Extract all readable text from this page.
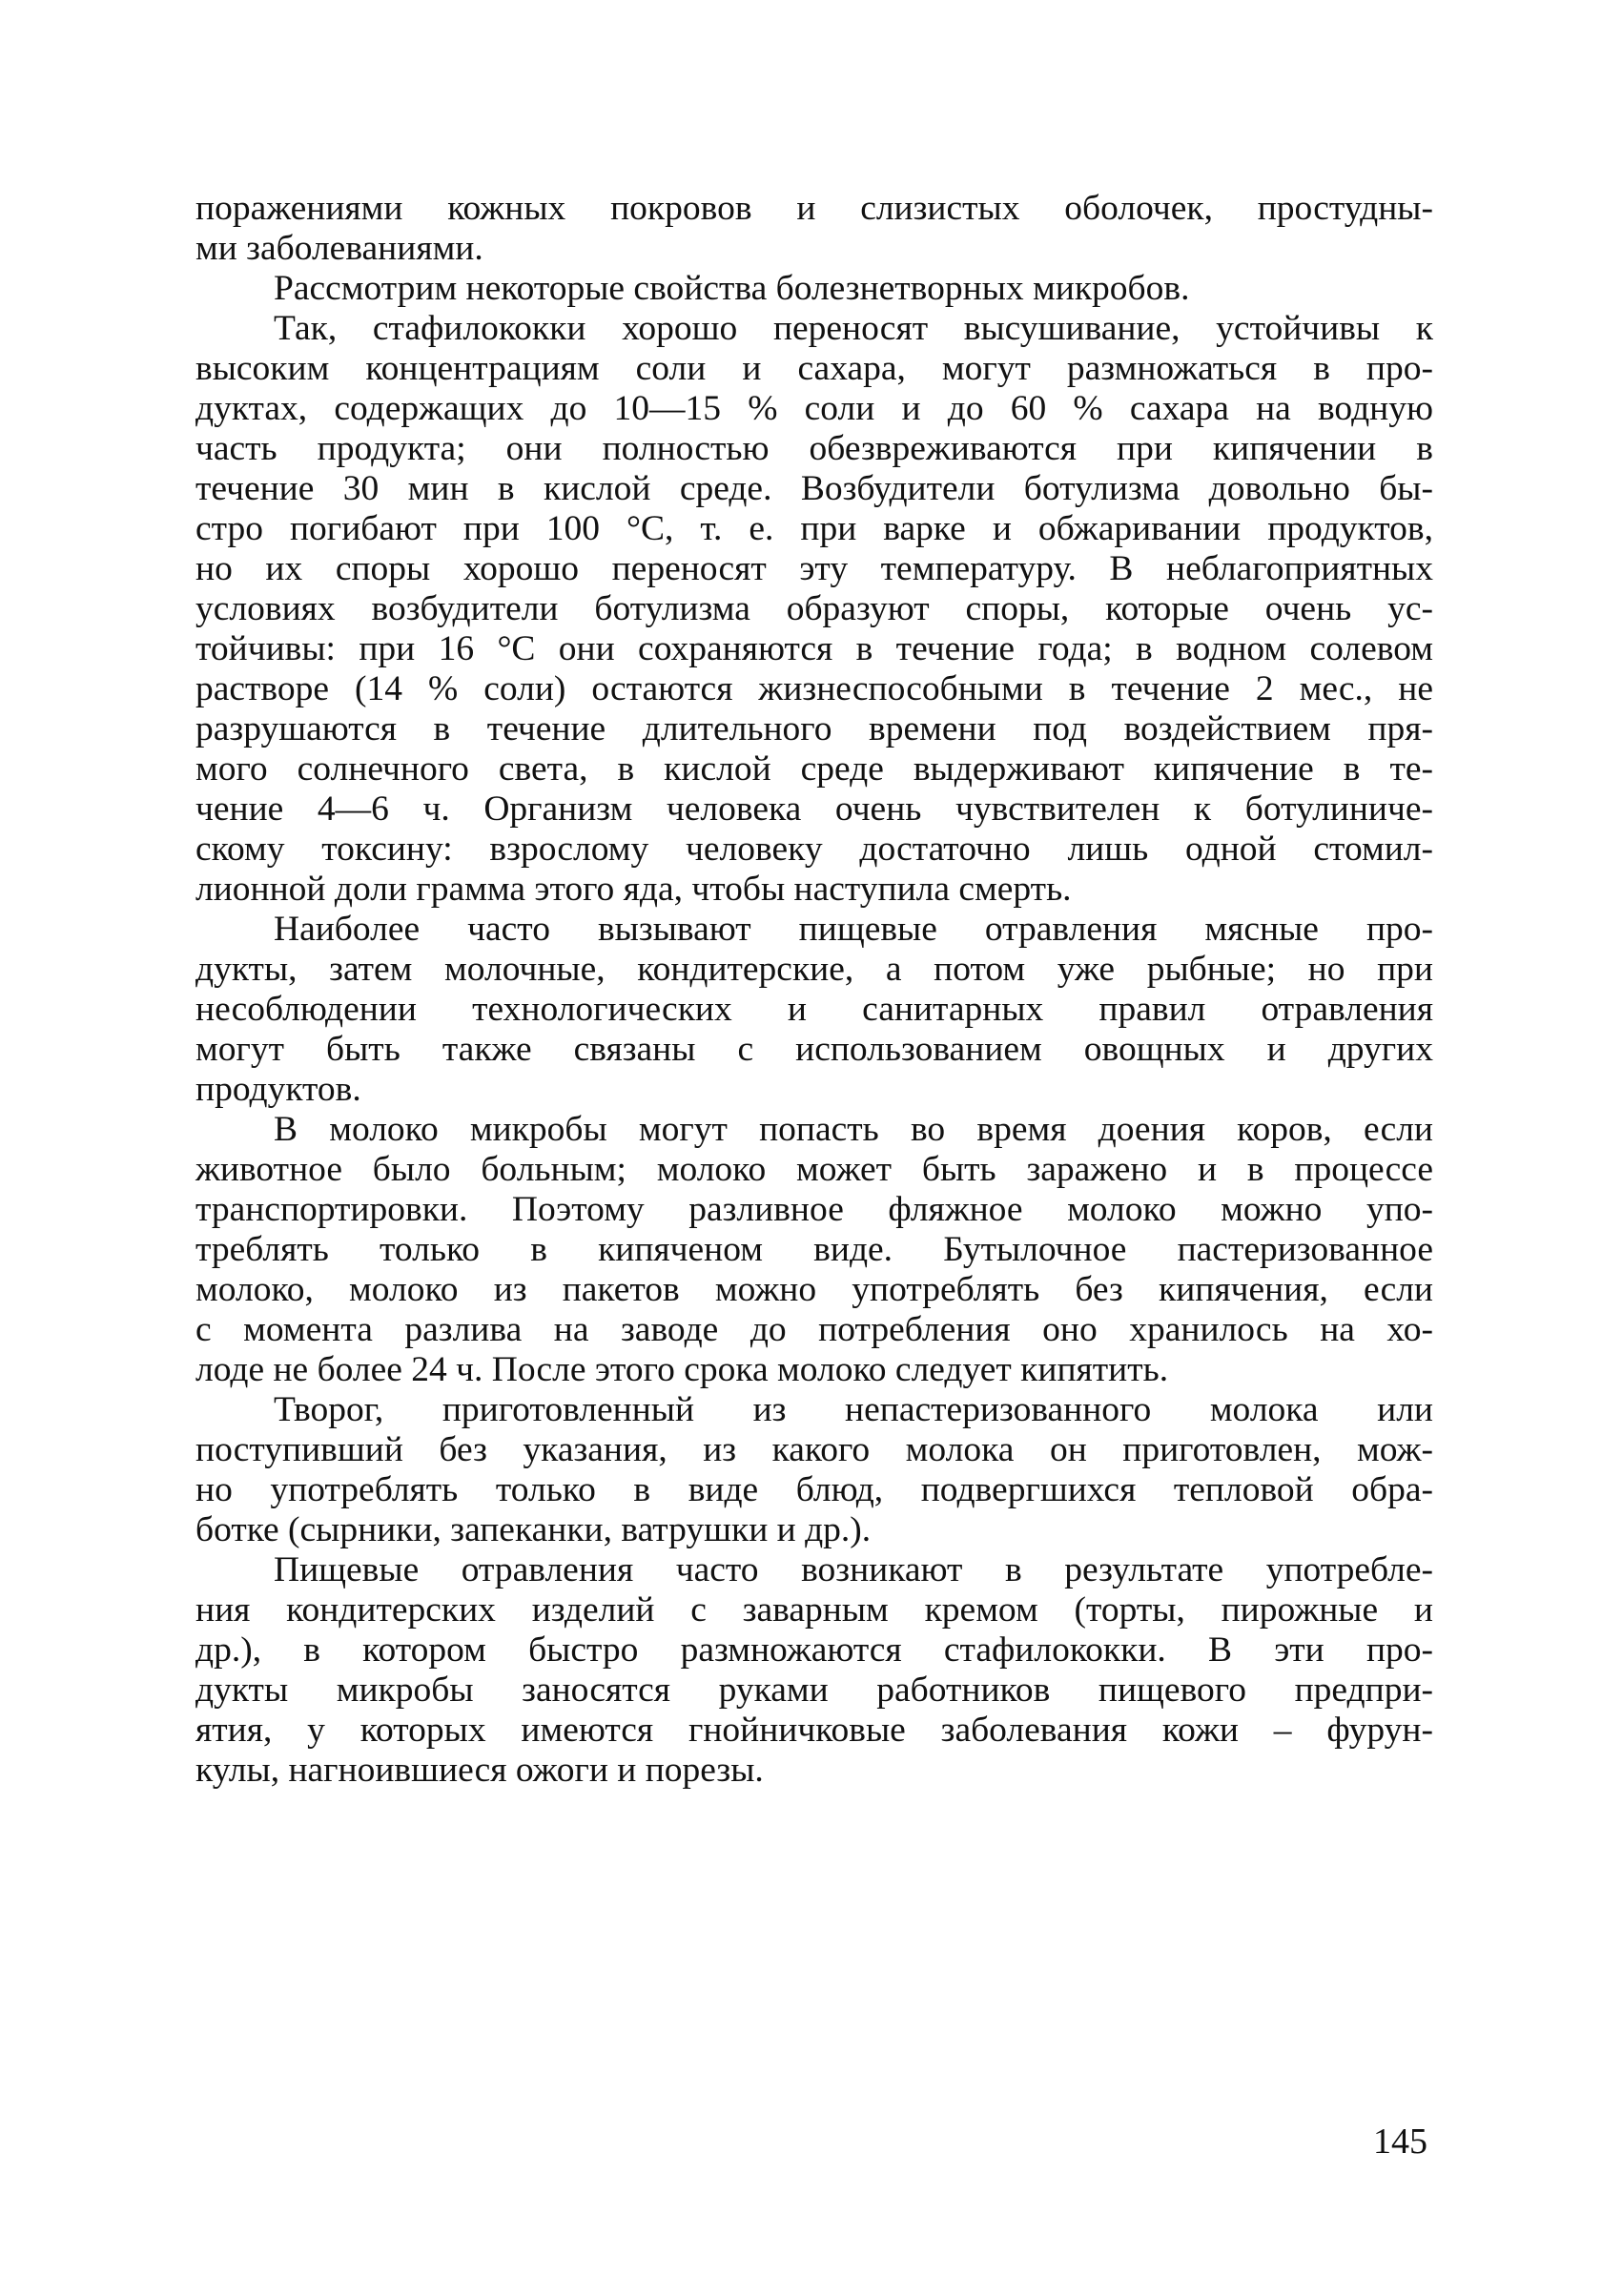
поражениями кожных покровов и слизистых оболочек, простудны-
ми заболеваниями.
Рассмотрим некоторые свойства болезнетворных микробов.
Так, стафилококки хорошо переносят высушивание, устойчивы к
высоким концентрациям соли и сахара, могут размножаться в про-
дуктах, содержащих до 10—15 % соли и до 60 % сахара на водную
часть продукта; они полностью обезвреживаются при кипячении в
течение 30 мин в кислой среде. Возбудители ботулизма довольно бы-
стро погибают при 100 °С, т. е. при варке и обжаривании продуктов,
но их споры хорошо переносят эту температуру. В неблагоприятных
условиях возбудители ботулизма образуют споры, которые очень ус-
тойчивы: при 16 °С они сохраняются в течение года; в водном солевом
растворе (14 % соли) остаются жизнеспособными в течение 2 мес., не
разрушаются в течение длительного времени под воздействием пря-
мого солнечного света, в кислой среде выдерживают кипячение в те-
чение 4—6 ч. Организм человека очень чувствителен к ботулиниче-
скому токсину: взрослому человеку достаточно лишь одной стомил-
лионной доли грамма этого яда, чтобы наступила смерть.
Наиболее часто вызывают пищевые отравления мясные про-
дукты, затем молочные, кондитерские, а потом уже рыбные; но при
несоблюдении технологических и санитарных правил отравления
могут быть также связаны с использованием овощных и других
продуктов.
В молоко микробы могут попасть во время доения коров, если
животное было больным; молоко может быть заражено и в процессе
транспортировки. Поэтому разливное фляжное молоко можно упо-
треблять только в кипяченом виде. Бутылочное пастеризованное
молоко, молоко из пакетов можно употреблять без кипячения, если
с момента разлива на заводе до потребления оно хранилось на хо-
лоде не более 24 ч. После этого срока молоко следует кипятить.
Творог, приготовленный из непастеризованного молока или
поступивший без указания, из какого молока он приготовлен, мож-
но употреблять только в виде блюд, подвергшихся тепловой обра-
ботке (сырники, запеканки, ватрушки и др.).
Пищевые отравления часто возникают в результате употребле-
ния кондитерских изделий с заварным кремом (торты, пирожные и
др.), в котором быстро размножаются стафилококки. В эти про-
дукты микробы заносятся руками работников пищевого предпри-
ятия, у которых имеются гнойничковые заболевания кожи – фурун-
кулы, нагноившиеся ожоги и порезы.
145
